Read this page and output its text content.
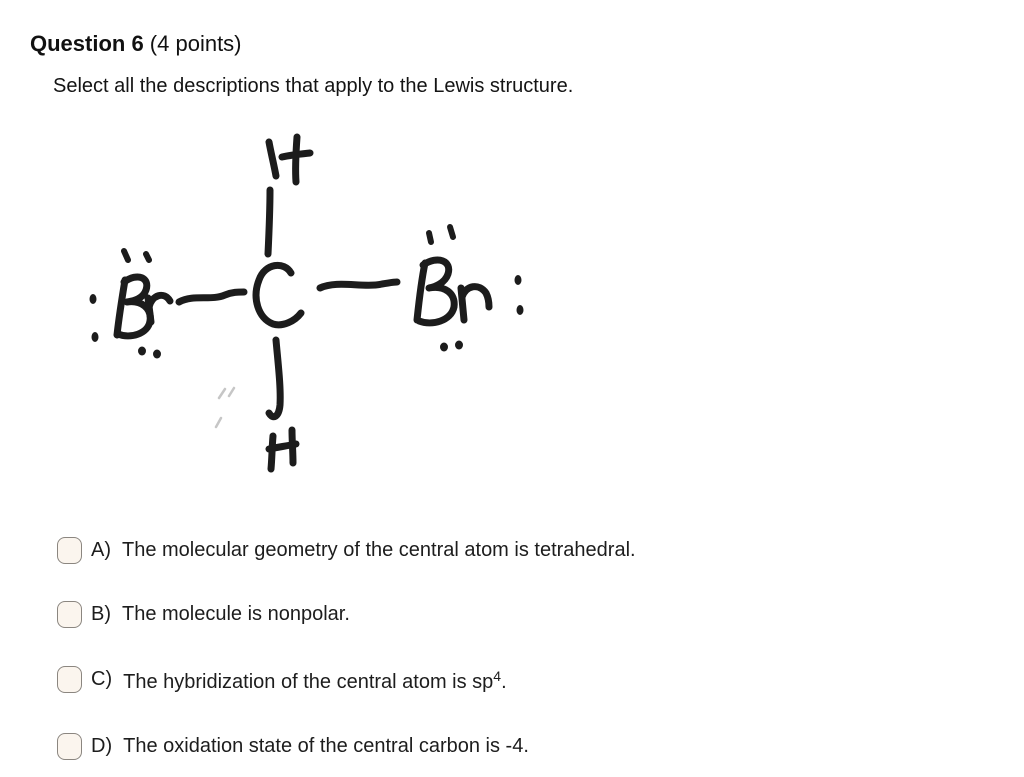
Question 6 (4 points)
Select all the descriptions that apply to the Lewis structure.
A) The molecular geometry of the central atom is tetrahedral.
B) The molecule is nonpolar.
C) The hybridization of the central atom is $sp^4$.
D) The oxidation state of the central carbon is -4.
